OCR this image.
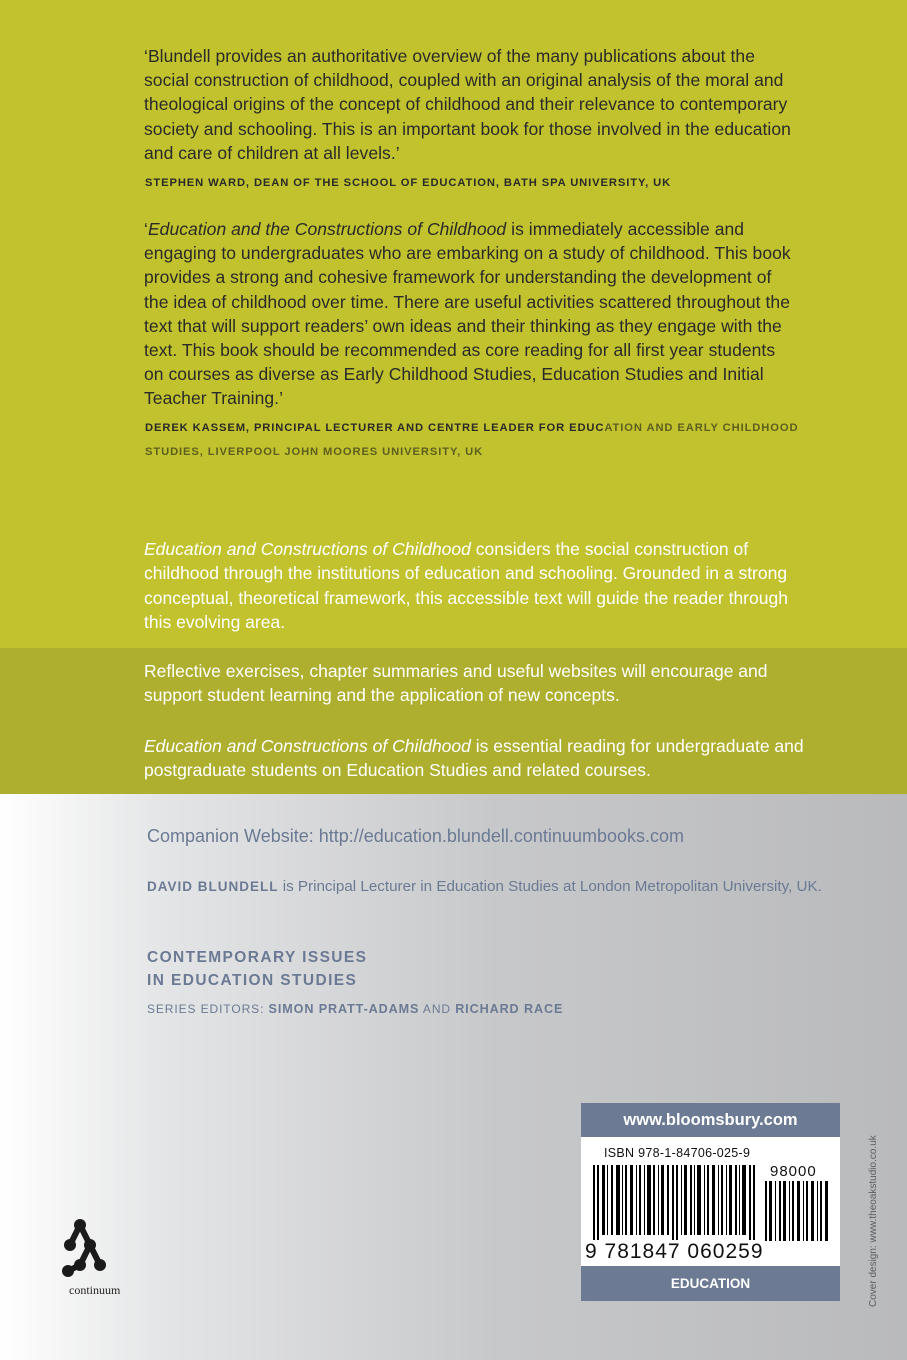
‘Blundell provides an authoritative overview of the many publications about the social construction of childhood, coupled with an original analysis of the moral and theological origins of the concept of childhood and their relevance to contemporary society and schooling. This is an important book for those involved in the education and care of children at all levels.’
STEPHEN WARD, DEAN OF THE SCHOOL OF EDUCATION, BATH SPA UNIVERSITY, UK
‘Education and the Constructions of Childhood is immediately accessible and engaging to undergraduates who are embarking on a study of childhood. This book provides a strong and cohesive framework for understanding the development of the idea of childhood over time. There are useful activities scattered throughout the text that will support readers’ own ideas and their thinking as they engage with the text. This book should be recommended as core reading for all first year students on courses as diverse as Early Childhood Studies, Education Studies and Initial Teacher Training.’
DEREK KASSEM, PRINCIPAL LECTURER AND CENTRE LEADER FOR EDUCATION AND EARLY CHILDHOOD STUDIES, LIVERPOOL JOHN MOORES UNIVERSITY, UK
Education and Constructions of Childhood considers the social construction of childhood through the institutions of education and schooling. Grounded in a strong conceptual, theoretical framework, this accessible text will guide the reader through this evolving area.
Reflective exercises, chapter summaries and useful websites will encourage and support student learning and the application of new concepts.
Education and Constructions of Childhood is essential reading for undergraduate and postgraduate students on Education Studies and related courses.
Companion Website: http://education.blundell.continuumbooks.com
DAVID BLUNDELL is Principal Lecturer in Education Studies at London Metropolitan University, UK.
CONTEMPORARY ISSUES
IN EDUCATION STUDIES
SERIES EDITORS: SIMON PRATT-ADAMS AND RICHARD RACE
continuum
www.bloomsbury.com
ISBN 978-1-84706-025-9
98000
9 781847 060259
EDUCATION	Cover design: www.theoakstudio.co.uk
